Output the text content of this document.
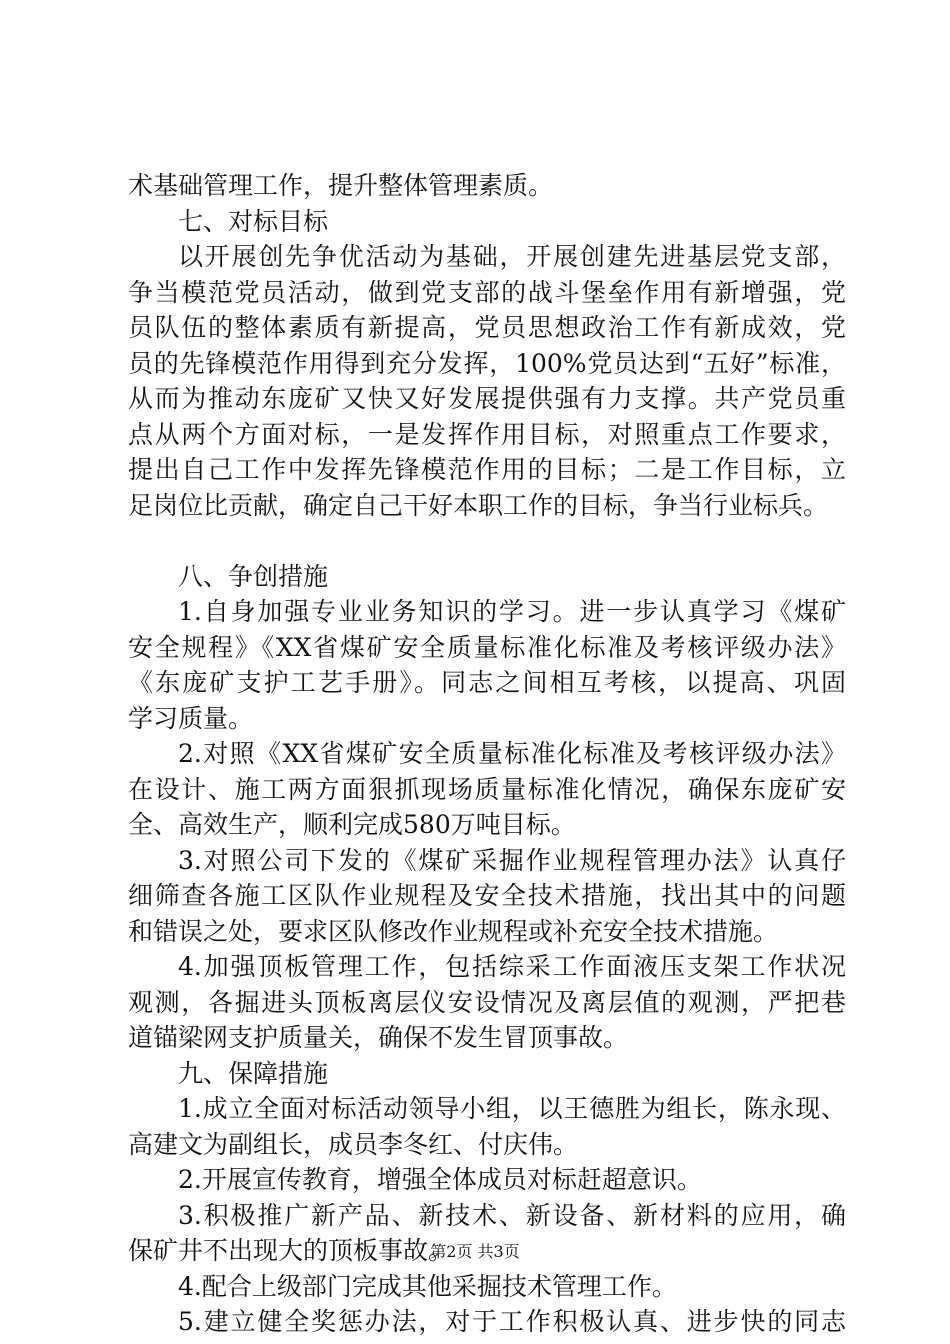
术基础管理工作，提升整体管理素质。
七、对标目标
以开展创先争优活动为基础，开展创建先进基层党支部，
争当模范党员活动，做到党支部的战斗堡垒作用有新增强，党
员队伍的整体素质有新提高，党员思想政治工作有新成效，党
员的先锋模范作用得到充分发挥，100%党员达到“五好”标准，
从而为推动东庞矿又快又好发展提供强有力支撑。共产党员重
点从两个方面对标，一是发挥作用目标，对照重点工作要求，
提出自己工作中发挥先锋模范作用的目标；二是工作目标，立
足岗位比贡献，确定自己干好本职工作的目标，争当行业标兵。
八、争创措施
1.自身加强专业业务知识的学习。进一步认真学习《煤矿
安全规程》《XX省煤矿安全质量标准化标准及考核评级办法》
《东庞矿支护工艺手册》。同志之间相互考核，以提高、巩固
学习质量。
2.对照《XX省煤矿安全质量标准化标准及考核评级办法》
在设计、施工两方面狠抓现场质量标准化情况，确保东庞矿安
全、高效生产，顺利完成580万吨目标。
3.对照公司下发的《煤矿采掘作业规程管理办法》认真仔
细筛查各施工区队作业规程及安全技术措施，找出其中的问题
和错误之处，要求区队修改作业规程或补充安全技术措施。
4.加强顶板管理工作，包括综采工作面液压支架工作状况
观测，各掘进头顶板离层仪安设情况及离层值的观测，严把巷
道锚梁网支护质量关，确保不发生冒顶事故。
九、保障措施
1.成立全面对标活动领导小组，以王德胜为组长，陈永现、
高建文为副组长，成员李冬红、付庆伟。
2.开展宣传教育，增强全体成员对标赶超意识。
3.积极推广新产品、新技术、新设备、新材料的应用，确
保矿井不出现大的顶板事故。
4.配合上级部门完成其他采掘技术管理工作。
5.建立健全奖惩办法，对于工作积极认真、进步快的同志
第2页 共3页
